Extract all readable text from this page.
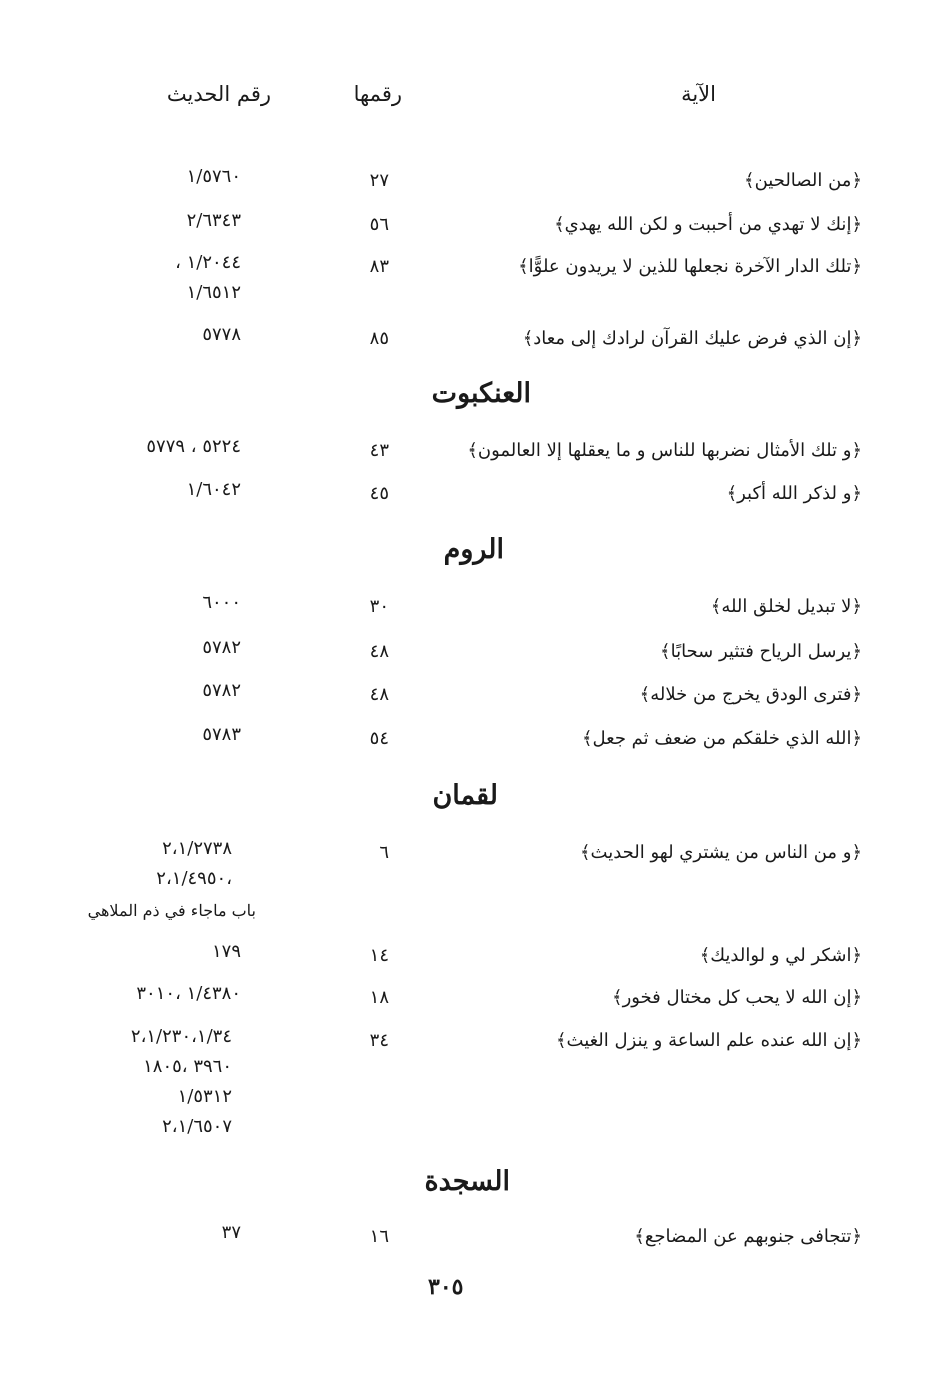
الآية
رقمها
رقم الحديث
﴿من الصالحين﴾
٢٧
١/٥٧٦٠
﴿إنك لا تهدي من أحببت و لكن الله يهدي﴾
٥٦
٢/٦٣٤٣
﴿تلك الدار الآخرة نجعلها للذين لا يريدون علوًّا﴾
٨٣
١/٢٠٤٤ ،
١/٦٥١٢
﴿إن الذي فرض عليك القرآن لرادك إلى معاد﴾
٨٥
٥٧٧٨
العنكبوت
﴿و تلك الأمثال نضربها للناس و ما يعقلها إلا العالمون﴾
٤٣
٥٢٢٤ ، ٥٧٧٩
﴿و لذكر الله أكبر﴾
٤٥
١/٦٠٤٢
الروم
﴿لا تبديل لخلق الله﴾
٣٠
٦٠٠٠
﴿يرسل الرياح فتثير سحابًا﴾
٤٨
٥٧٨٢
﴿فترى الودق يخرج من خلاله﴾
٤٨
٥٧٨٢
﴿الله الذي خلقكم من ضعف ثم جعل﴾
٥٤
٥٧٨٣
لقمان
﴿و من الناس من يشتري لهو الحديث﴾
٦
٢،١/٢٧٣٨
،٢،١/٤٩٥٠
باب ماجاء في ذم الملاهي
﴿اشكر لي و لوالديك﴾
١٤
١٧٩
﴿إن الله لا يحب كل مختال فخور﴾
١٨
١/٤٣٨٠ ،٣٠١٠
﴿إن الله عنده علم الساعة و ينزل الغيث﴾
٣٤
٢،١/٢٣٠،١/٣٤
٣٩٦٠ ،١٨٠٥
١/٥٣١٢
٢،١/٦٥٠٧
السجدة
﴿تتجافى جنوبهم عن المضاجع﴾
١٦
٣٧
٣٠٥
